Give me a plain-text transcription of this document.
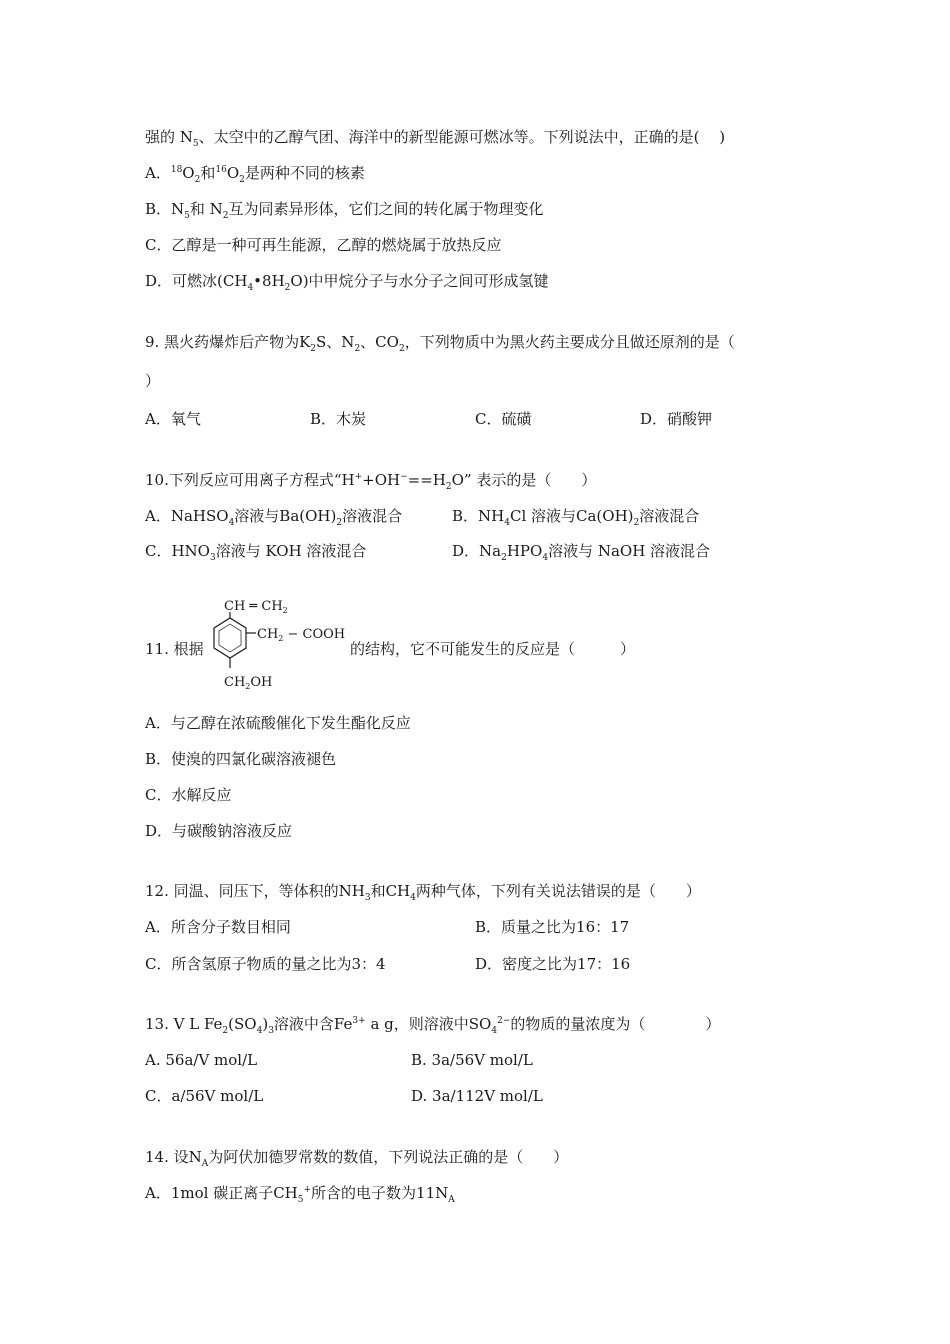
强的 $N_5$、太空中的乙醇气团、海洋中的新型能源可燃冰等。下列说法中，正确的是(　 )
A．$^{18}O_2$和$^{16}O_2$是两种不同的核素
B．$N_5$和 $N_2$互为同素异形体，它们之间的转化属于物理变化
C．乙醇是一种可再生能源，乙醇的燃烧属于放热反应
D．可燃冰$(CH_4•8H_2O)$中甲烷分子与水分子之间可形成氢键
9. 黑火药爆炸后产物为$K_2S$、$N_2$、$CO_2$，下列物质中为黑火药主要成分且做还原剂的是（
）
A．氧气	B．木炭	C．硫磺	D．硝酸钾
10.下列反应可用离子方程式“$H^++OH^-==H_2O$” 表示的是（　　）
A．NaHSO$_4$溶液与$Ba(OH)_2$溶液混合	B．$NH_4Cl$ 溶液与$Ca(OH)_2$溶液混合
C．$HNO_3$溶液与 KOH 溶液混合	D．$Na_2HPO_4$溶液与 NaOH 溶液混合
11. 根据
CH ═ $CH_2$
$CH_2$ − COOH
$CH_2OH$
的结构，它不可能发生的反应是（　　　）
A．与乙醇在浓硫酸催化下发生酯化反应
B．使溴的四氯化碳溶液褪色
C．水解反应
D．与碳酸钠溶液反应
12. 同温、同压下，等体积的$NH_3$和$CH_4$两种气体，下列有关说法错误的是（　　）
A．所含分子数目相同	B．质量之比为16：17
C．所含氢原子物质的量之比为3：4	D．密度之比为17：16
13. V L $Fe_2(SO_4)_3$溶液中含$Fe^{3+}$ a g，则溶液中$SO_4^{2-}$的物质的量浓度为（　　　　）
A. 56a/V mol/L	B. 3a/56V mol/L
C．a/56V mol/L	D. 3a/112V mol/L
14. 设$N_A$为阿伏加德罗常数的数值，下列说法正确的是（　　）
A．1mol 碳正离子$CH_5^+$所含的电子数为$11N_A$
